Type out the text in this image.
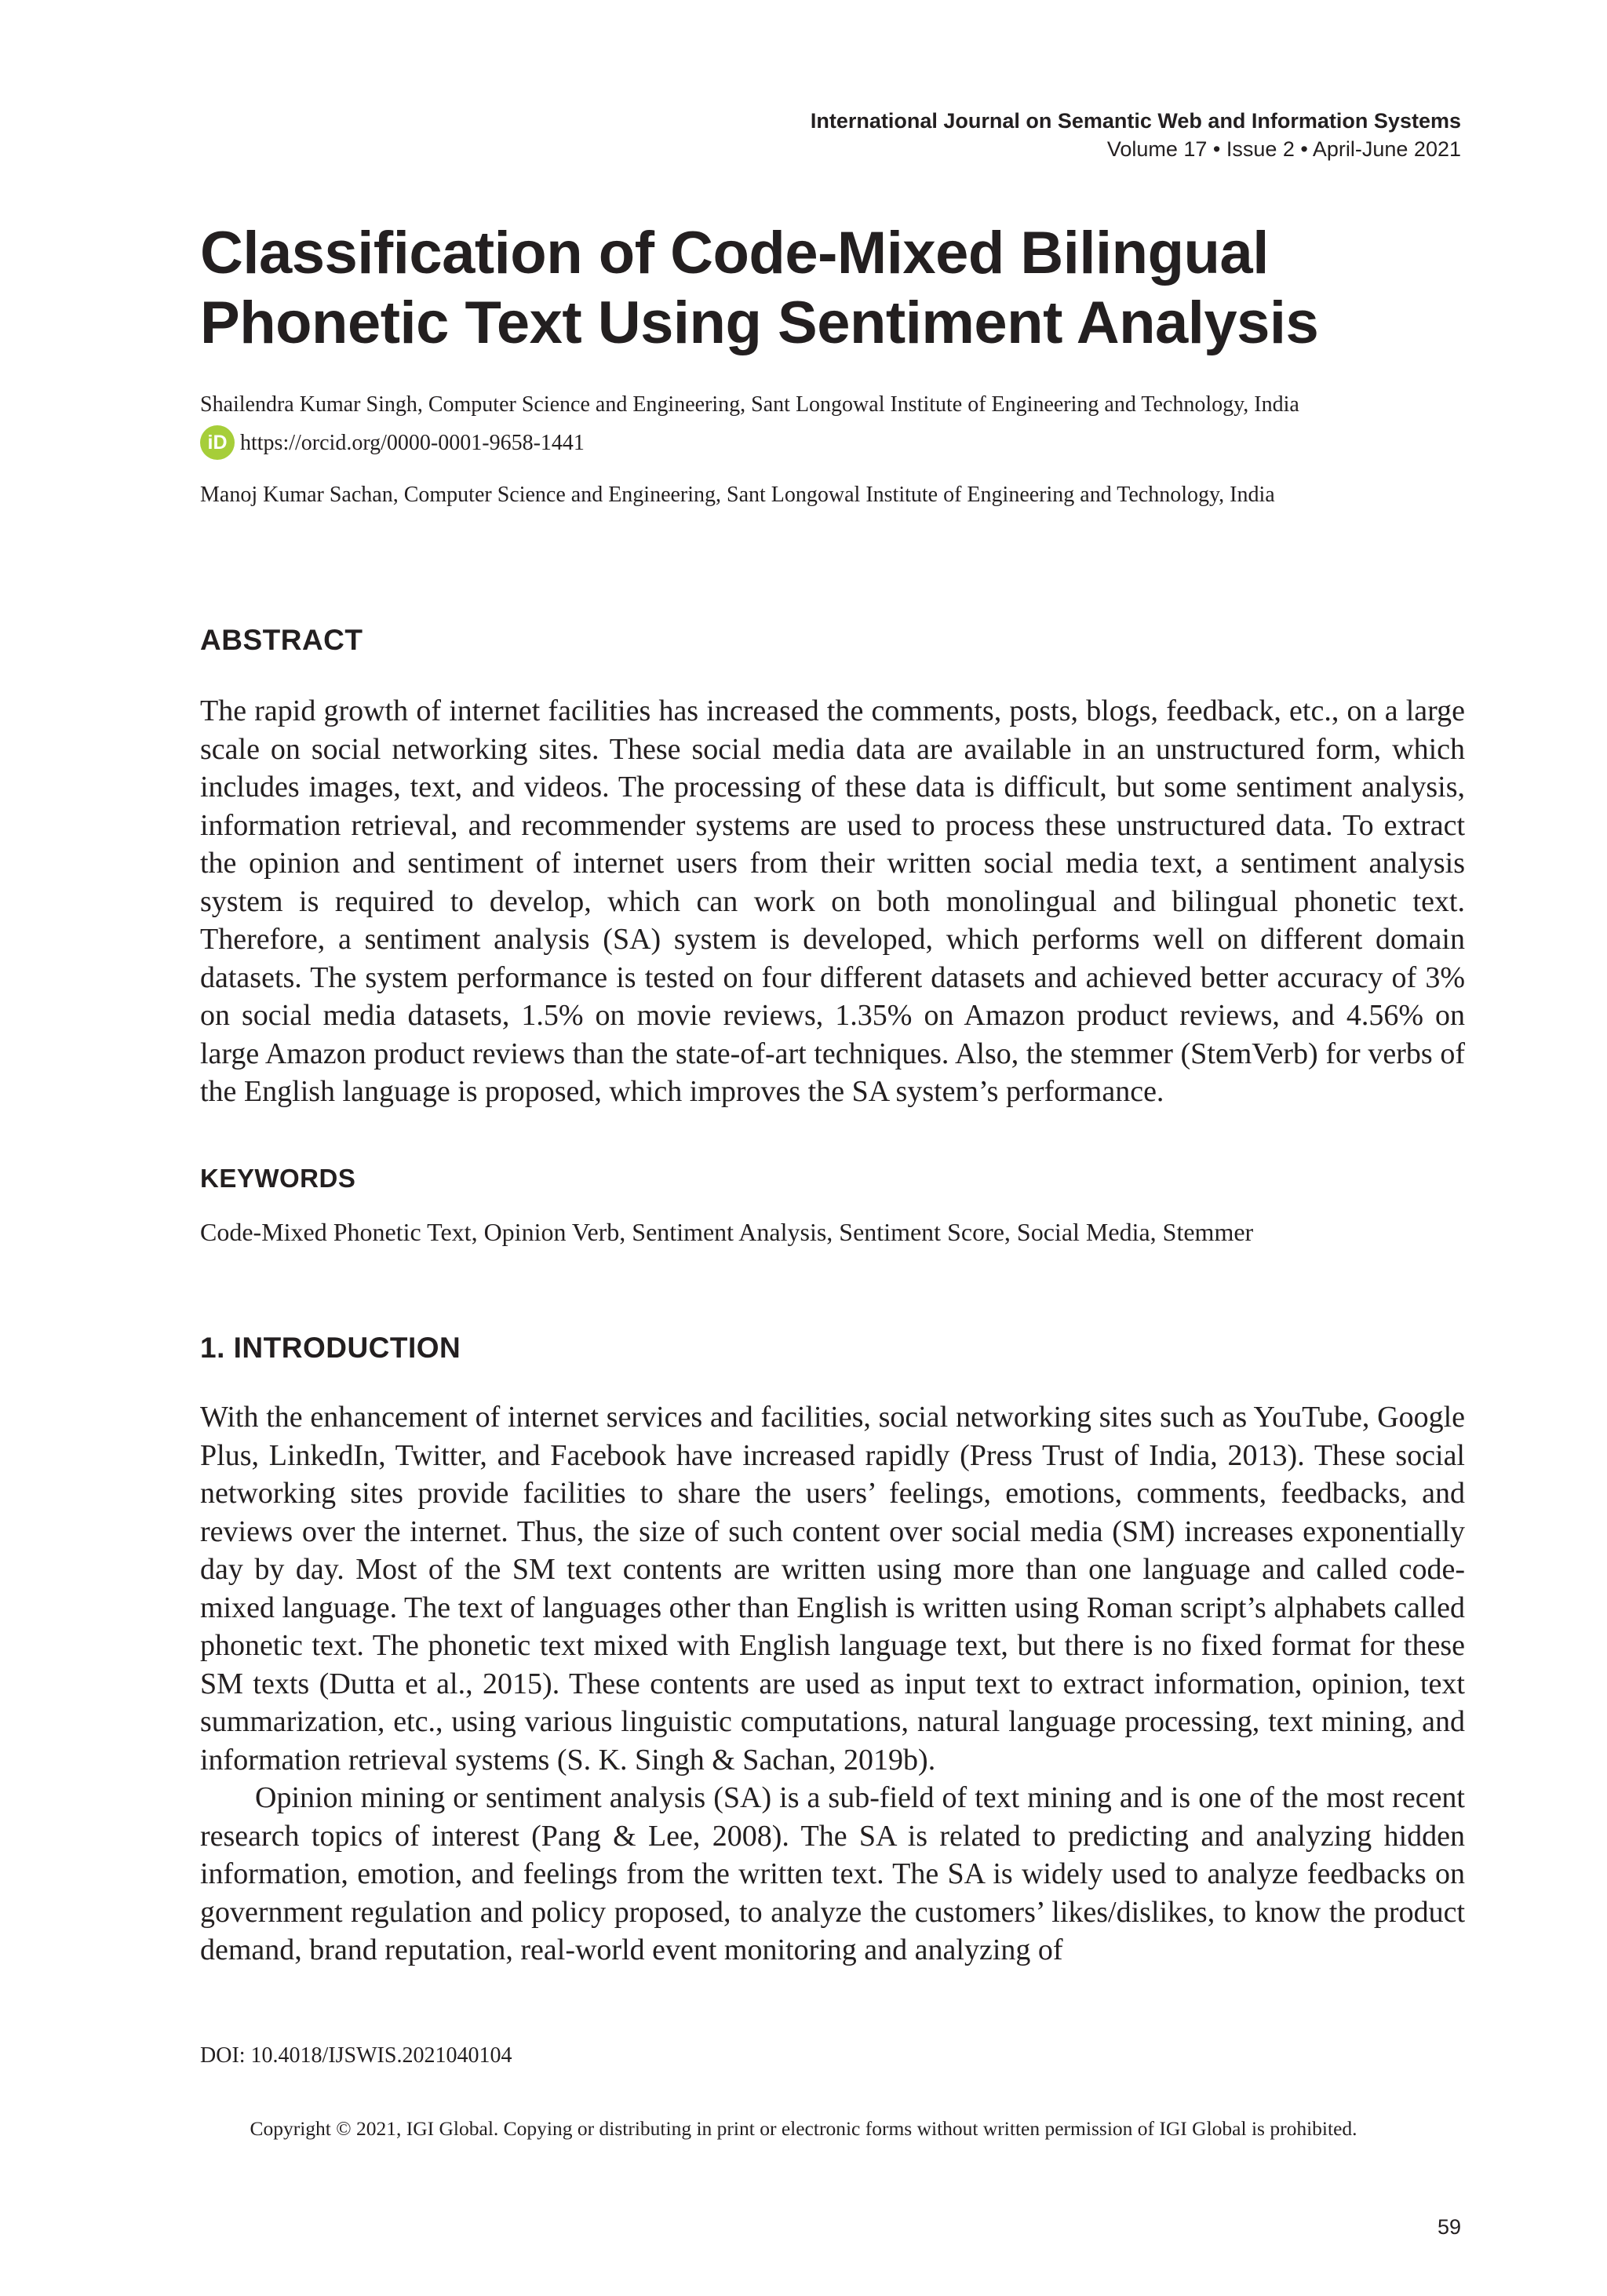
International Journal on Semantic Web and Information Systems
Volume 17 • Issue 2 • April-June 2021
Classification of Code-Mixed Bilingual Phonetic Text Using Sentiment Analysis
Shailendra Kumar Singh, Computer Science and Engineering, Sant Longowal Institute of Engineering and Technology, India
iD https://orcid.org/0000-0001-9658-1441
Manoj Kumar Sachan, Computer Science and Engineering, Sant Longowal Institute of Engineering and Technology, India
ABSTRACT

The rapid growth of internet facilities has increased the comments, posts, blogs, feedback, etc., on a large scale on social networking sites. These social media data are available in an unstructured form, which includes images, text, and videos. The processing of these data is difficult, but some sentiment analysis, information retrieval, and recommender systems are used to process these unstructured data. To extract the opinion and sentiment of internet users from their written social media text, a sentiment analysis system is required to develop, which can work on both monolingual and bilingual phonetic text. Therefore, a sentiment analysis (SA) system is developed, which performs well on different domain datasets. The system performance is tested on four different datasets and achieved better accuracy of 3% on social media datasets, 1.5% on movie reviews, 1.35% on Amazon product reviews, and 4.56% on large Amazon product reviews than the state-of-art techniques. Also, the stemmer (StemVerb) for verbs of the English language is proposed, which improves the SA system’s performance.

KEYWORDS

Code-Mixed Phonetic Text, Opinion Verb, Sentiment Analysis, Sentiment Score, Social Media, Stemmer

1. INTRODUCTION

With the enhancement of internet services and facilities, social networking sites such as YouTube, Google Plus, LinkedIn, Twitter, and Facebook have increased rapidly (Press Trust of India, 2013). These social networking sites provide facilities to share the users’ feelings, emotions, comments, feedbacks, and reviews over the internet. Thus, the size of such content over social media (SM) increases exponentially day by day. Most of the SM text contents are written using more than one language and called code-mixed language. The text of languages other than English is written using Roman script’s alphabets called phonetic text. The phonetic text mixed with English language text, but there is no fixed format for these SM texts (Dutta et al., 2015). These contents are used as input text to extract information, opinion, text summarization, etc., using various linguistic computations, natural language processing, text mining, and information retrieval systems (S. K. Singh & Sachan, 2019b).

Opinion mining or sentiment analysis (SA) is a sub-field of text mining and is one of the most recent research topics of interest (Pang & Lee, 2008). The SA is related to predicting and analyzing hidden information, emotion, and feelings from the written text. The SA is widely used to analyze feedbacks on government regulation and policy proposed, to analyze the customers’ likes/dislikes, to know the product demand, brand reputation, real-world event monitoring and analyzing of

DOI: 10.4018/IJSWIS.2021040104
Copyright © 2021, IGI Global. Copying or distributing in print or electronic forms without written permission of IGI Global is prohibited.
59
